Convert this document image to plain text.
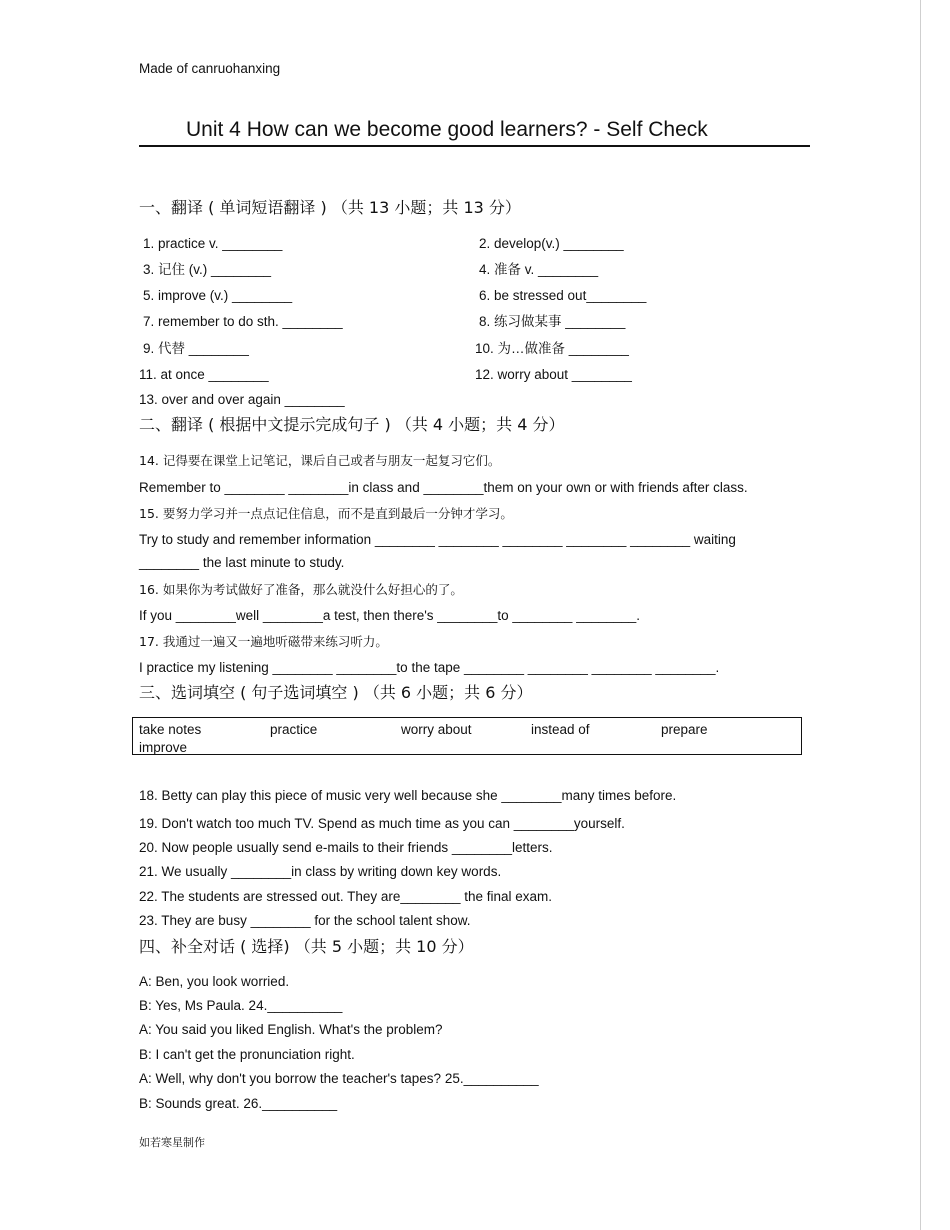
Made of canruohanxing
Unit 4 How can we become good learners? - Self Check
一、翻译 ( 单词短语翻译 ) （共 13 小题；共 13 分）
1. practice v. ________	2. develop(v.) ________
3. 记住 (v.) ________	4. 准备 v. ________
5. improve (v.) ________	6. be stressed out________
7. remember to do sth. ________	8. 练习做某事 ________
9. 代替 ________	10. 为…做准备 ________
11. at once ________	12. worry about ________
13. over and over again ________
二、翻译 ( 根据中文提示完成句子 ) （共 4 小题；共 4 分）
14. 记得要在课堂上记笔记，课后自己或者与朋友一起复习它们。
Remember to ________ ________in class and ________them on your own or with friends after class.
15. 要努力学习并一点点记住信息，而不是直到最后一分钟才学习。
Try to study and remember information ________ ________ ________ ________ ________ waiting
________ the last minute to study.
16. 如果你为考试做好了准备，那么就没什么好担心的了。
If you ________well ________a test, then there's ________to ________ ________.
17. 我通过一遍又一遍地听磁带来练习听力。
I practice my listening ________ ________to the tape ________ ________ ________ ________.
三、选词填空 ( 句子选词填空 ) （共 6 小题；共 6 分）
take notes	practice	worry about	instead of	prepare
improve
18. Betty can play this piece of music very well because she ________many times before.
19. Don't watch too much TV. Spend as much time as you can ________yourself.
20. Now people usually send e-mails to their friends ________letters.
21. We usually ________in class by writing down key words.
22. The students are stressed out. They are________ the final exam.
23. They are busy ________ for the school talent show.
四、补全对话 ( 选择) （共 5 小题；共 10 分）
A: Ben, you look worried.
B: Yes, Ms Paula. 24.__________
A: You said you liked English. What's the problem?
B: I can't get the pronunciation right.
A: Well, why don't you borrow the teacher's tapes? 25.__________
B: Sounds great. 26.__________
如若寒星制作
